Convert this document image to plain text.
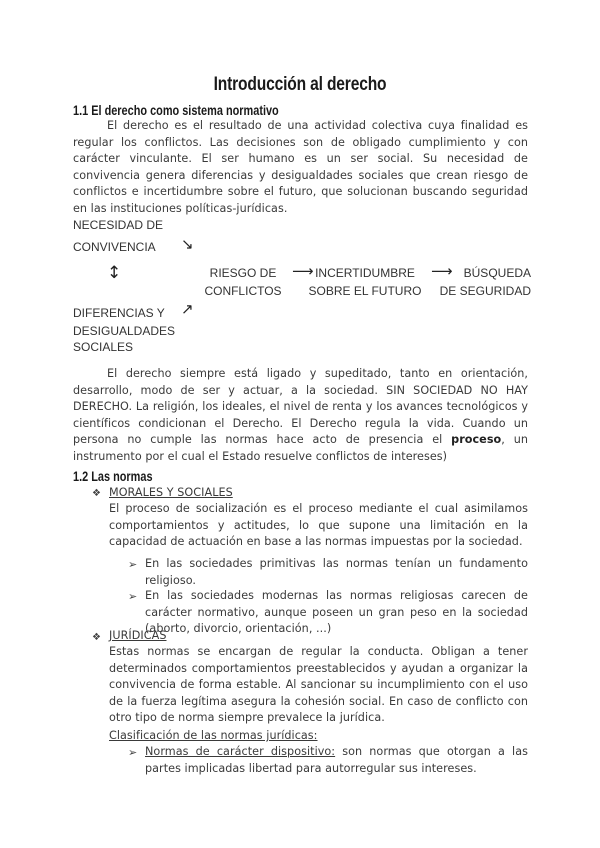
Introducción al derecho
1.1 El derecho como sistema normativo
El derecho es el resultado de una actividad colectiva cuya finalidad es regular los conflictos. Las decisiones son de obligado cumplimiento y con carácter vinculante. El ser humano es un ser social. Su necesidad de convivencia genera diferencias y desigualdades sociales que crean riesgo de conflictos e incertidumbre sobre el futuro, que solucionan buscando seguridad en las instituciones políticas-jurídicas.
NECESIDAD DE
CONVIVENCIA ↘
↕
↗
DIFERENCIAS Y
DESIGUALDADES
SOCIALES
RIESGO DE
CONFLICTOS
⟶ INCERTIDUMBRE
SOBRE EL FUTURO
⟶ BÚSQUEDA
DE SEGURIDAD
El derecho siempre está ligado y supeditado, tanto en orientación, desarrollo, modo de ser y actuar, a la sociedad. SIN SOCIEDAD NO HAY DERECHO. La religión, los ideales, el nivel de renta y los avances tecnológicos y científicos condicionan el Derecho. El Derecho regula la vida. Cuando un persona no cumple las normas hace acto de presencia el proceso, un instrumento por el cual el Estado resuelve conflictos de intereses)
1.2 Las normas
❖ MORALES Y SOCIALES
El proceso de socialización es el proceso mediante el cual asimilamos comportamientos y actitudes, lo que supone una limitación en la capacidad de actuación en base a las normas impuestas por la sociedad.
➢ En las sociedades primitivas las normas tenían un fundamento religioso.
➢ En las sociedades modernas las normas religiosas carecen de carácter normativo, aunque poseen un gran peso en la sociedad (aborto, divorcio, orientación, ...)
❖ JURÍDICAS
Estas normas se encargan de regular la conducta. Obligan a tener determinados comportamientos preestablecidos y ayudan a organizar la convivencia de forma estable. Al sancionar su incumplimiento con el uso de la fuerza legítima asegura la cohesión social. En caso de conflicto con otro tipo de norma siempre prevalece la jurídica.
Clasificación de las normas jurídicas:
➢ Normas de carácter dispositivo: son normas que otorgan a las partes implicadas libertad para autorregular sus intereses.
